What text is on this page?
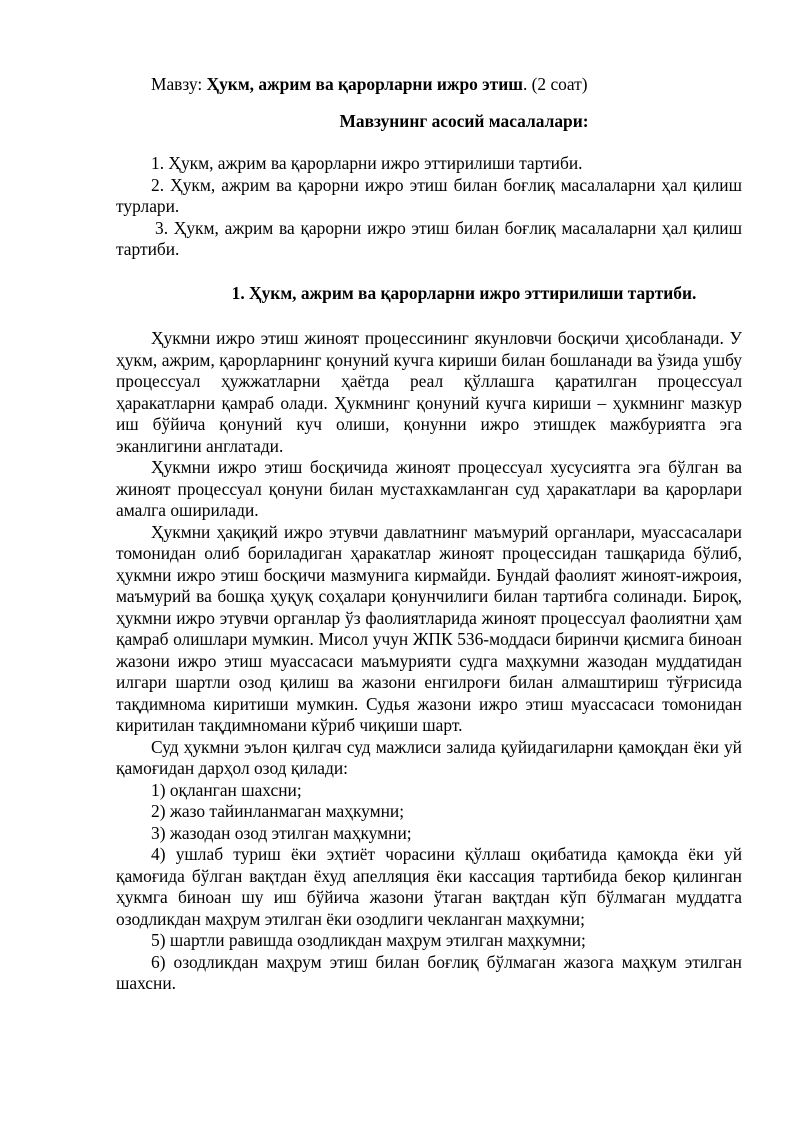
Мавзу: Ҳукм, ажрим ва қарорларни ижро этиш. (2 соат)

Мавзунинг асосий масалалари:

1. Ҳукм, ажрим ва қарорларни ижро эттирилиши тартиби.

2. Ҳукм, ажрим ва қарорни ижро этиш билан боғлиқ масалаларни ҳал қилиш турлари.

3. Ҳукм, ажрим ва қарорни ижро этиш билан боғлиқ масалаларни ҳал қилиш тартиби.

1. Ҳукм, ажрим ва қарорларни ижро эттирилиши тартиби.

Ҳукмни ижро этиш жиноят процессининг якунловчи босқичи ҳисобланади. У ҳукм, ажрим, қарорларнинг қонуний кучга кириши билан бошланади ва ўзида ушбу процессуал ҳужжатларни ҳаётда реал қўллашга қаратилган процессуал ҳаракатларни қамраб олади. Ҳукмнинг қонуний кучга кириши – ҳукмнинг мазкур иш бўйича қонуний куч олиши, қонунни ижро этишдек мажбуриятга эга эканлигини англатади.

Ҳукмни ижро этиш босқичида жиноят процессуал хусусиятга эга бўлган ва жиноят процессуал қонуни билан мустахкамланган суд ҳаракатлари ва қарорлари амалга оширилади.

Ҳукмни ҳақиқий ижро этувчи давлатнинг маъмурий органлари, муассасалари томонидан олиб бориладиган ҳаракатлар жиноят процессидан ташқарида бўлиб, ҳукмни ижро этиш босқичи мазмунига кирмайди. Бундай фаолият жиноят-ижроия, маъмурий ва бошқа ҳуқуқ соҳалари қонунчилиги билан тартибга солинади. Бироқ, ҳукмни ижро этувчи органлар ўз фаолиятларида жиноят процессуал фаолиятни ҳам қамраб олишлари мумкин. Мисол учун ЖПК 536-моддаси биринчи қисмига биноан жазони ижро этиш муассасаси маъмурияти судга маҳкумни жазодан муддатидан илгари шартли озод қилиш ва жазони енгилроғи билан алмаштириш тўғрисида тақдимнома киритиши мумкин. Судья жазони ижро этиш муассасаси томонидан киритилан тақдимномани кўриб чиқиши шарт.

Суд ҳукмни эълон қилгач суд мажлиси залида қуйидагиларни қамоқдан ёки уй қамоғидан дарҳол озод қилади:

1) оқланган шахсни;

2) жазо тайинланмаган маҳкумни;

3) жазодан озод этилган маҳкумни;

4) ушлаб туриш ёки эҳтиёт чорасини қўллаш оқибатида қамоқда ёки уй қамоғида бўлган вақтдан ёхуд апелляция ёки кассация тартибида бекор қилинган ҳукмга биноан шу иш бўйича жазони ўтаган вақтдан кўп бўлмаган муддатга озодликдан маҳрум этилган ёки озодлиги чекланган маҳкумни;

5) шартли равишда озодликдан маҳрум этилган маҳкумни;

6) озодликдан маҳрум этиш билан боғлиқ бўлмаган жазога маҳкум этилган шахсни.
